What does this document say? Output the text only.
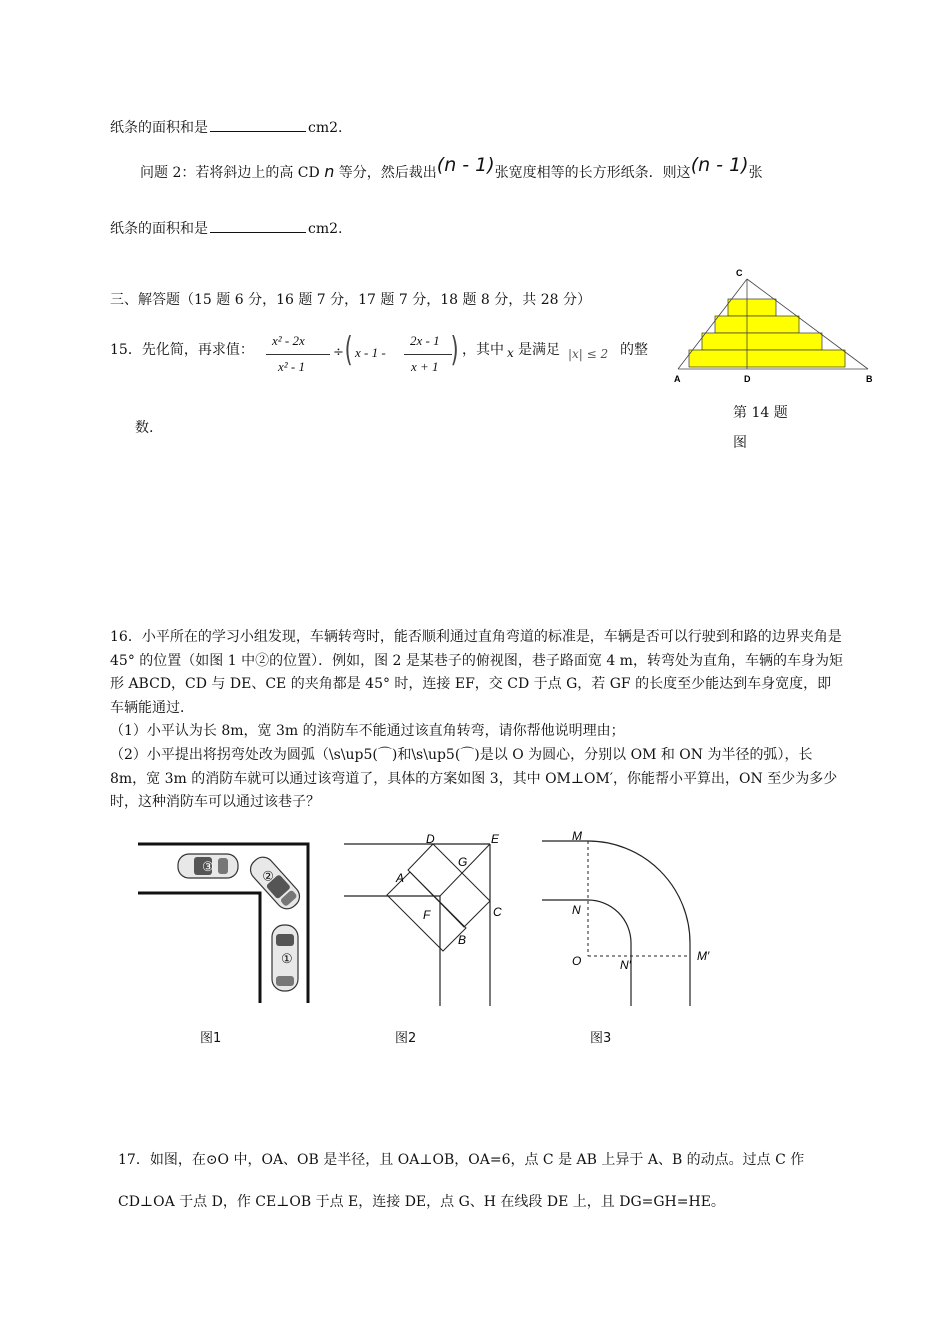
纸条的面积和是	cm2.
问题 2：若将斜边上的高 CD n 等分，然后裁出(n - 1)张宽度相等的长方形纸条．则这(n - 1)张
纸条的面积和是	cm2.
三、解答题（15 题 6 分，16 题 7 分，17 题 7 分，18 题 8 分，共 28 分）
15．先化简，再求值：
x² - 2x
x² - 1
÷ ( x - 1 -
2x - 1
x + 1 ) ，其中 x 是满足 |x| ≤ 2 的整
数.
C
A	D	B
第 14 题
图
16．小平所在的学习小组发现，车辆转弯时，能否顺利通过直角弯道的标准是，车辆是否可以行驶到和路的边界夹角是 45° 的位置（如图 1 中②的位置）．例如，图 2 是某巷子的俯视图，巷子路面宽 4 m，转弯处为直角，车辆的车身为矩形 ABCD，CD 与 DE、CE 的夹角都是 45° 时，连接 EF，交 CD 于点 G，若 GF 的长度至少能达到车身宽度，即车辆能通过．
（1）小平认为长 8m，宽 3m 的消防车不能通过该直角转弯，请你帮他说明理由；
（2）小平提出将拐弯处改为圆弧（\s\up5(⌒)和\s\up5(⌒)是以 O 为圆心，分别以 OM 和 ON 为半径的弧），长 8m，宽 3m 的消防车就可以通过该弯道了，具体的方案如图 3，其中 OM⊥OM′，你能帮小平算出，ON 至少为多少时，这种消防车可以通过该巷子？
③
②
①
图1
D	E
G
A
F	C
B
图2
M
N
O	N′
M′
图3
17．如图，在⊙O 中，OA、OB 是半径，且 OA⊥OB，OA=6，点 C 是 AB 上异于 A、B 的动点。过点 C 作
CD⊥OA 于点 D，作 CE⊥OB 于点 E，连接 DE，点 G、H 在线段 DE 上，且 DG=GH=HE。
